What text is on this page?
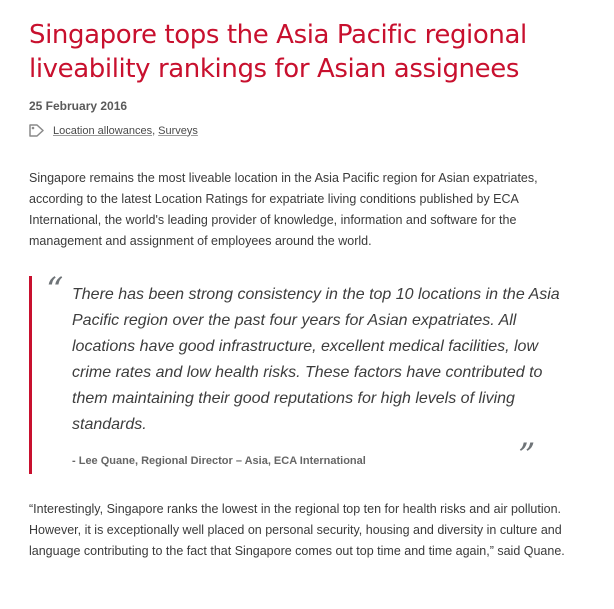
Singapore tops the Asia Pacific regional liveability rankings for Asian assignees
25 February 2016
Location allowances , Surveys

Singapore remains the most liveable location in the Asia Pacific region for Asian expatriates, according to the latest Location Ratings for expatriate living conditions published by ECA International, the world's leading provider of knowledge, information and software for the management and assignment of employees around the world.

“ There has been strong consistency in the top 10 locations in the Asia Pacific region over the past four years for Asian expatriates. All locations have good infrastructure, excellent medical facilities, low crime rates and low health risks. These factors have contributed to them maintaining their good reputations for high levels of living standards.

”
- Lee Quane, Regional Director – Asia, ECA International

“Interestingly, Singapore ranks the lowest in the regional top ten for health risks and air pollution. However, it is exceptionally well placed on personal security, housing and diversity in culture and language contributing to the fact that Singapore comes out top time and time again,” said Quane.
